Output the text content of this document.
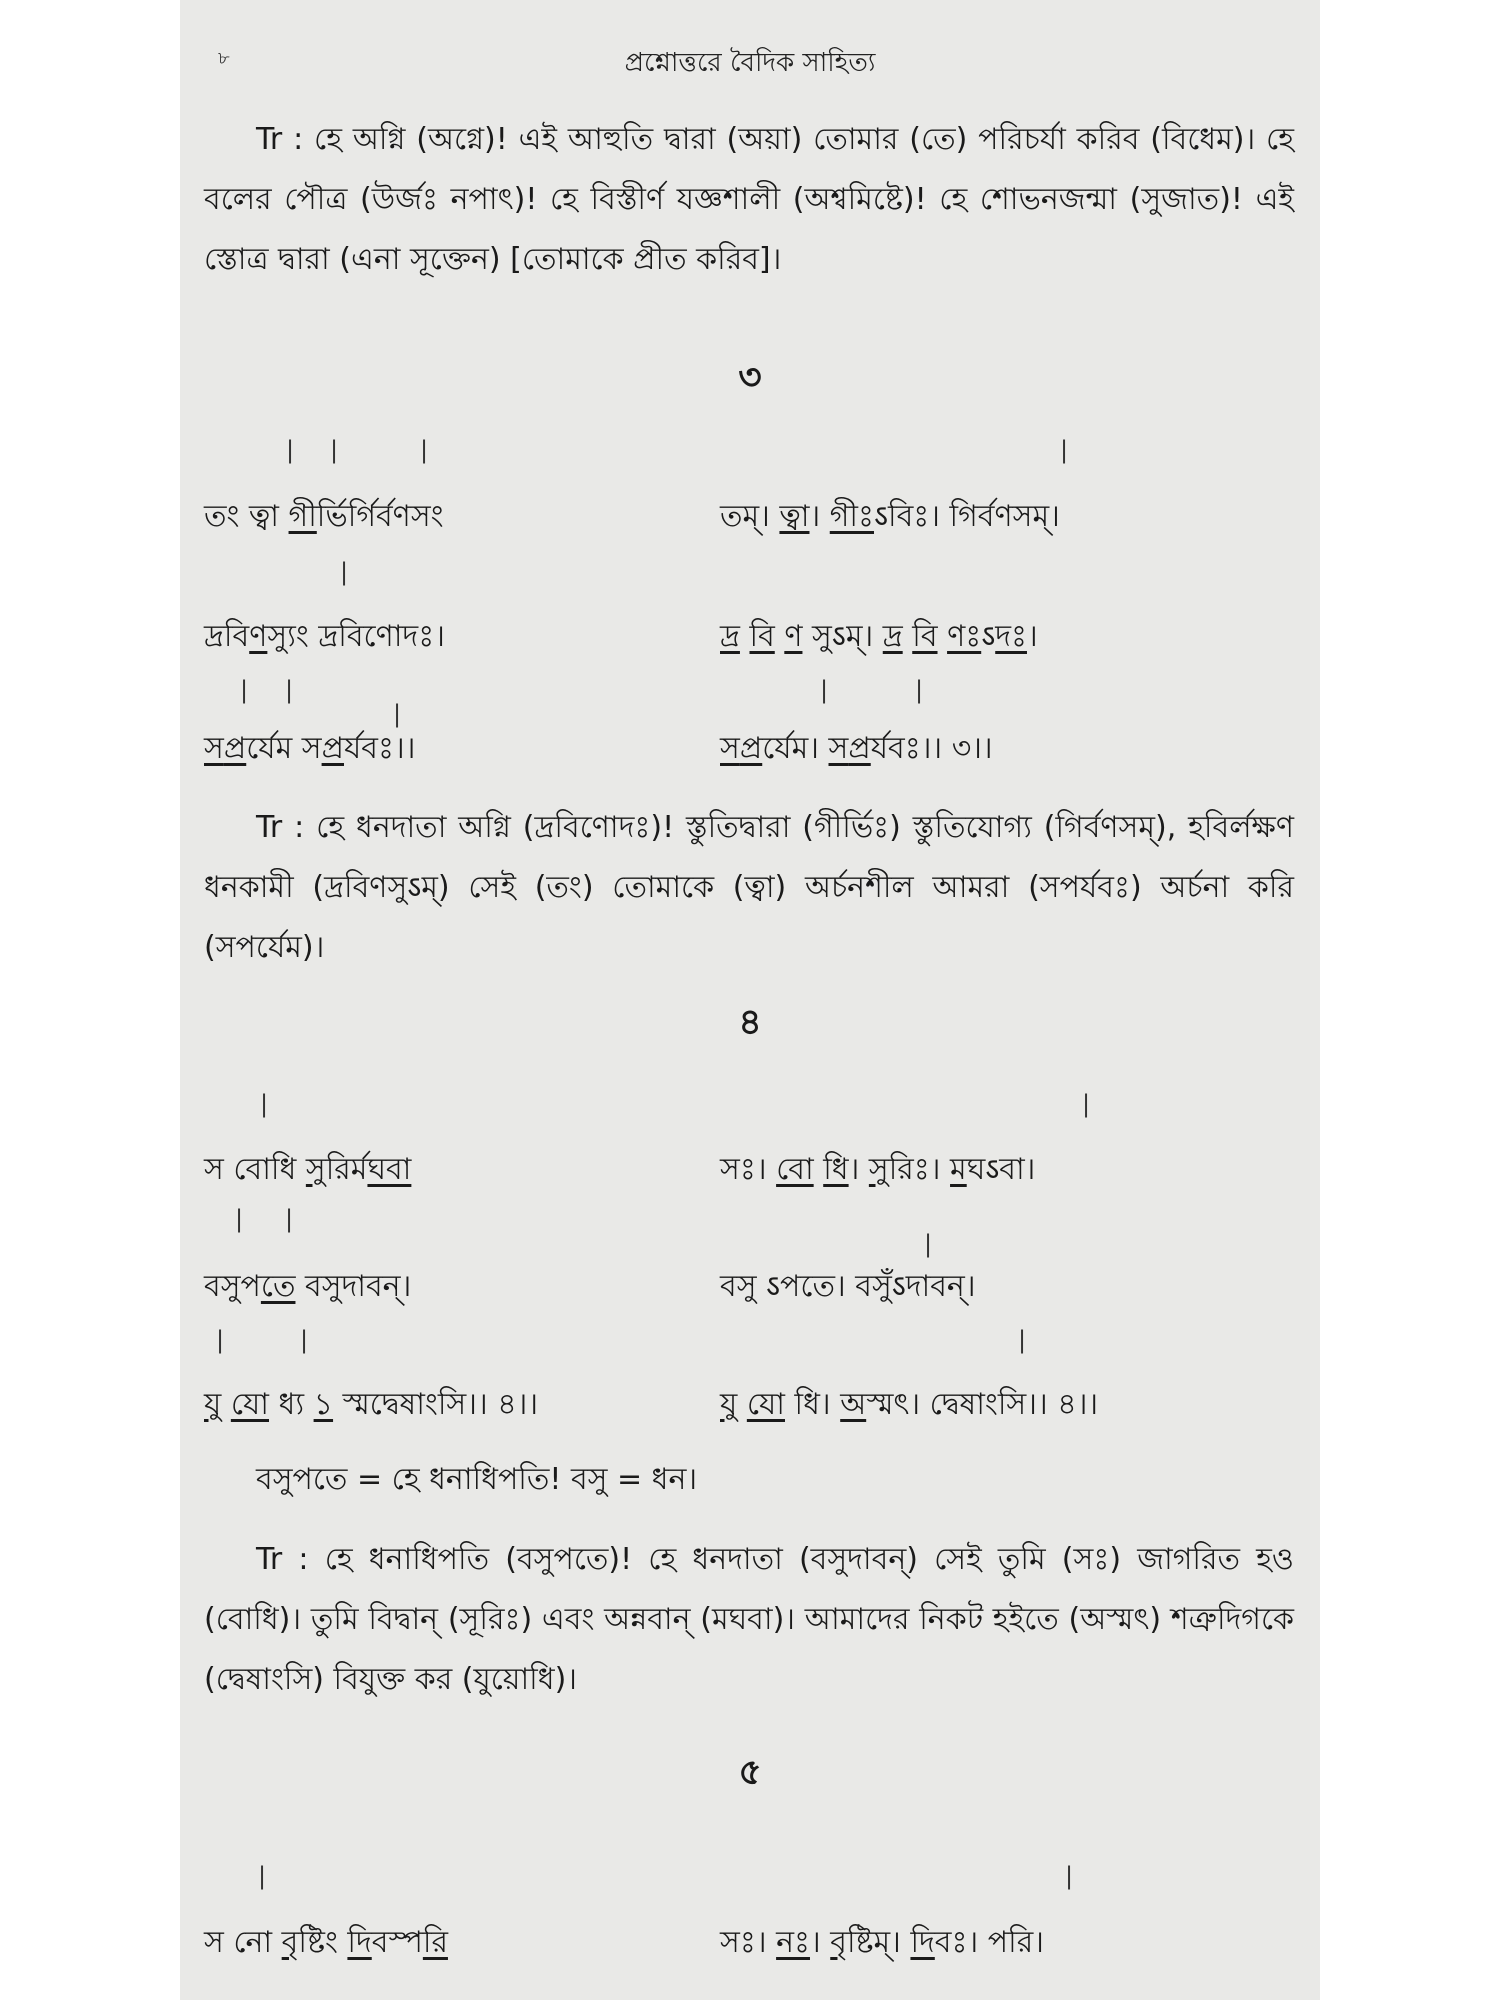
৮	প্রশ্নোত্তরে বৈদিক সাহিত্য
Tr : হে অগ্নি (অগ্নে)! এই আহুতি দ্বারা (অয়া) তোমার (তে) পরিচর্যা করিব (বিধেম)। হে বলের পৌত্র (উর্জঃ নপাৎ)! হে বিস্তীর্ণ যজ্ঞশালী (অশ্বমিষ্টে)! হে শোভনজন্মা (সুজাত)! এই স্তোত্র দ্বারা (এনা সূক্তেন) [তোমাকে প্রীত করিব]।
৩
| |	|	|
তং ত্বা গীর্ভির্গির্বণসং	তম্। ত্বা। গীঃऽবিঃ। গির্বণসম্।
|
দ্রবিণস্যুং দ্রবিণোদঃ।	দ্র বি ণ সুऽম্। দ্র বি ণঃऽদঃ।
| |
|
|	|
সপ্রর্যেম সপ্রর্যবঃ।।	সপ্রর্যেম। সপ্রর্যবঃ।। ৩।।
Tr : হে ধনদাতা অগ্নি (দ্রবিণোদঃ)! স্তুতিদ্বারা (গীর্ভিঃ) স্তুতিযোগ্য (গির্বণসম্), হবির্লক্ষণ ধনকামী (দ্রবিণসুऽম্) সেই (তং) তোমাকে (ত্বা) অর্চনশীল আমরা (সপর্যবঃ) অর্চনা করি (সপর্যেম)।
৪
|	|
স বোধি সুরির্মঘবা	সঃ। বো ধি। সুরিঃ। মঘऽবা।
| |
|
বসুপতে বসুদাবন্।	বসু ऽপতে। বসুঁऽদাবন্।
|	|	|
যু যো ধ্য ১ স্মদ্বেষাংসি।। ৪।।	যু যো ধি। অস্মৎ। দ্বেষাংসি।। ৪।।
বসুপতে = হে ধনাধিপতি! বসু = ধন।
Tr : হে ধনাধিপতি (বসুপতে)! হে ধনদাতা (বসুদাবন্) সেই তুমি (সঃ) জাগরিত হও (বোধি)। তুমি বিদ্বান্ (সূরিঃ) এবং অন্নবান্ (মঘবা)। আমাদের নিকট হইতে (অস্মৎ) শত্রুদিগকে (দ্বেষাংসি) বিযুক্ত কর (যুয়োধি)।
৫
|	|
স নো বৃষ্টিং দিবস্পরি	সঃ। নঃ। বৃষ্টিম্। দিবঃ। পরি।
